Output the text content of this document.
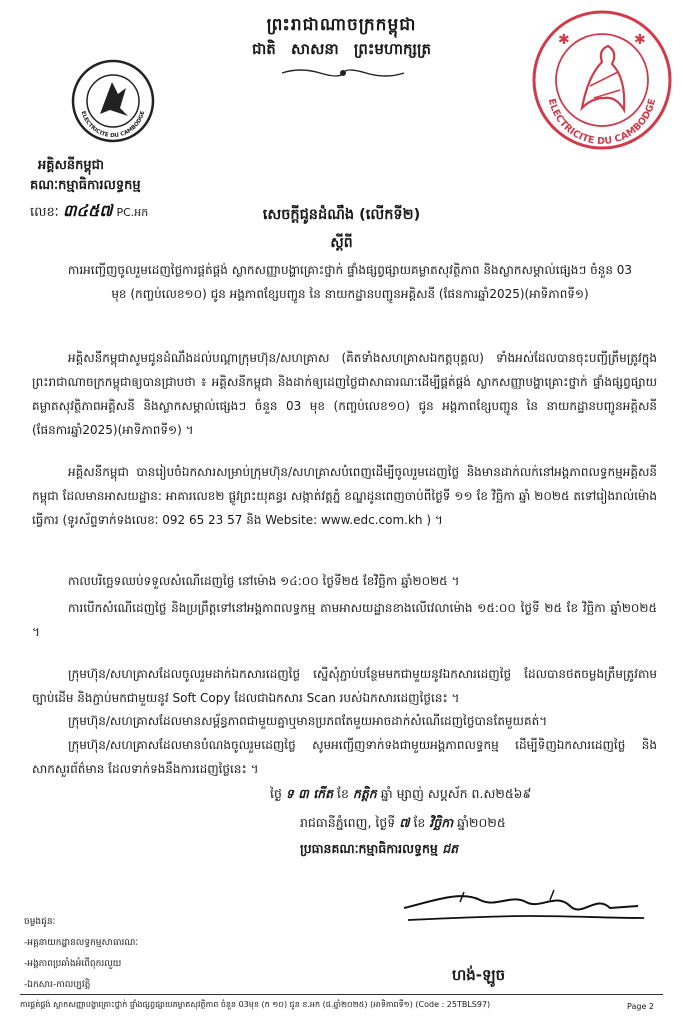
ព្រះរាជាណាចក្រកម្ពុជា
ជាតិ សាសនា ព្រះមហាក្សត្រ
ELECTRICITE DU CAMBODGE
✱	✱
ELECTRICITE DU CAMBODGE
អគ្គិសនីកម្ពុជា
គណៈកម្មាធិការលទ្ធកម្ម
លេខៈ ៣៤៥៧ PC.អក	សេចក្តីជូនដំណឹង (លើកទី២)
ស្តីពី
ការអញ្ជើញចូលរួមដេញថ្លៃការផ្គត់ផ្គង់ ស្លាកសញ្ញាបង្ហាគ្រោះថ្នាក់ ផ្ទាំងផ្សព្វផ្សាយគម្លាតសុវត្ថិភាព និងស្លាកសម្គាល់ផ្សេងៗ ចំនួន 03 មុខ (កញ្ចប់លេខ១០) ជូន អង្គភាពខ្សែបញ្ជូន នៃ នាយកដ្ឋានបញ្ជូនអគ្គិសនី (ផែនការឆ្នាំ2025)(អាទិភាពទី១)
អគ្គិសនីកម្ពុជាសូមជូនដំណឹងដល់បណ្តាក្រុមហ៊ុន/សហគ្រាស (គិតទាំងសហគ្រាសឯកត្តបុគ្គល) ទាំងអស់ដែលបានចុះបញ្ជីត្រឹមត្រូវក្នុងព្រះរាជាណាចក្រកម្ពុជាឲ្យបានជ្រាបថា ៖ អគ្គិសនីកម្ពុជា និងដាក់ឲ្យដេញថ្លៃជាសាធារណៈដើម្បីផ្គត់ផ្គង់ ស្លាកសញ្ញាបង្ហាគ្រោះថ្នាក់ ផ្ទាំងផ្សព្វផ្សាយគម្លាតសុវត្ថិភាពអគ្គិសនី និងស្លាកសម្គាល់ផ្សេងៗ ចំនួន 03 មុខ (កញ្ចប់លេខ១០) ជូន អង្គភាពខ្សែបញ្ជូន នៃ នាយកដ្ឋានបញ្ជូនអគ្គិសនី (ផែនការឆ្នាំ2025)(អាទិភាពទី១) ។
អគ្គិសនីកម្ពុជា បានរៀបចំឯកសារសម្រាប់ក្រុមហ៊ុន/សហគ្រាសបំពេញដើម្បីចូលរួមដេញថ្លៃ និងមានដាក់លក់នៅអង្គភាពលទ្ធកម្មអគ្គិសនីកម្ពុជា ដែលមានអាសយដ្ឋាន: អាគារលេខ២ ផ្លូវព្រះយុគន្ធរ សង្កាត់វត្តភ្នំ ខណ្ឌដូនពេញចាប់ពីថ្ងៃទី ១១ ខែ វិច្ឆិកា ឆ្នាំ ២០២៥ តទៅរៀងរាល់ម៉ោងធ្វើការ (ទូរស័ព្ទទាក់ទងលេខៈ 092 65 23 57 និង Website: www.edc.com.kh ) ។
កាលបរិច្ឆេទឈប់ទទួលសំណើដេញថ្លៃ នៅម៉ោង ១៤:០០ ថ្ងៃទី២៥ ខែវិច្ឆិកា ឆ្នាំ២០២៥ ។
ការបើកសំណើដេញថ្លៃ និងប្រព្រឹត្តទៅនៅអង្គភាពលទ្ធកម្ម តាមអាសយដ្ឋានខាងលើវេលាម៉ោង ១៥:០០ ថ្ងៃទី ២៥ ខែ វិច្ឆិកា ឆ្នាំ២០២៥ ។
ក្រុមហ៊ុន/សហគ្រាសដែលចូលរួមដាក់ឯកសារដេញថ្លៃ ស្នើសុំភ្ជាប់បន្ថែមមកជាមួយនូវឯកសារដេញថ្លៃ ដែលបានថតចម្លងត្រឹមត្រូវតាមច្បាប់ដើម និងភ្ជាប់មកជាមួយនូវ Soft Copy ដែលជាឯកសារ Scan របស់ឯកសារដេញថ្លៃនេះ ។
ក្រុមហ៊ុន/សហគ្រាសដែលមានសម្ព័ន្ធភាពជាមួយគ្នាឬមានប្រភពតែមួយអាចដាក់សំណើដេញថ្លៃបានតែមួយគត់។
ក្រុមហ៊ុន/សហគ្រាសដែលមានបំណងចូលរួមដេញថ្លៃ សូមអញ្ជើញទាក់ទងជាមួយអង្គភាពលទ្ធកម្ម ដើម្បីទិញឯកសារដេញថ្លៃ និងសាកសួរព័ត៌មាន ដែលទាក់ទងនឹងការដេញថ្លៃនេះ ។
ថ្ងៃ ទ ៣ កើត ខែ កត្តិក ឆ្នាំ ម្សាញ់ សប្តស័ក ព.ស២៥៦៩
រាជធានីភ្នំពេញ, ថ្ងៃទី ៧ ខែ វិច្ឆិកា ឆ្នាំ២០២៥
ប្រធានគណៈកម្មាធិការលទ្ធកម្ម ជត
ចម្លងជូនៈ
-អគ្គនាយកដ្ឋានលទ្ធកម្មសាធារណៈ
-អង្គភាពប្រឆាំងអំពើពុករលួយ
-ឯកសារ-កាលប្បវត្តិ
ហង់-ឡូច
ការផ្គត់ផ្គង់ ស្លាកសញ្ញាបង្ហាគ្រោះថ្នាក់ ផ្ទាំងផ្សព្វផ្សាយគម្លាតសុវត្ថិភាព ចំនួន 03មុខ (ក ១០) ជូន ខ.អក (ផ.ឆ្នាំ២០២៥) (អាទិភាពទី១) (Code : 25TBLS97)	Page 2
